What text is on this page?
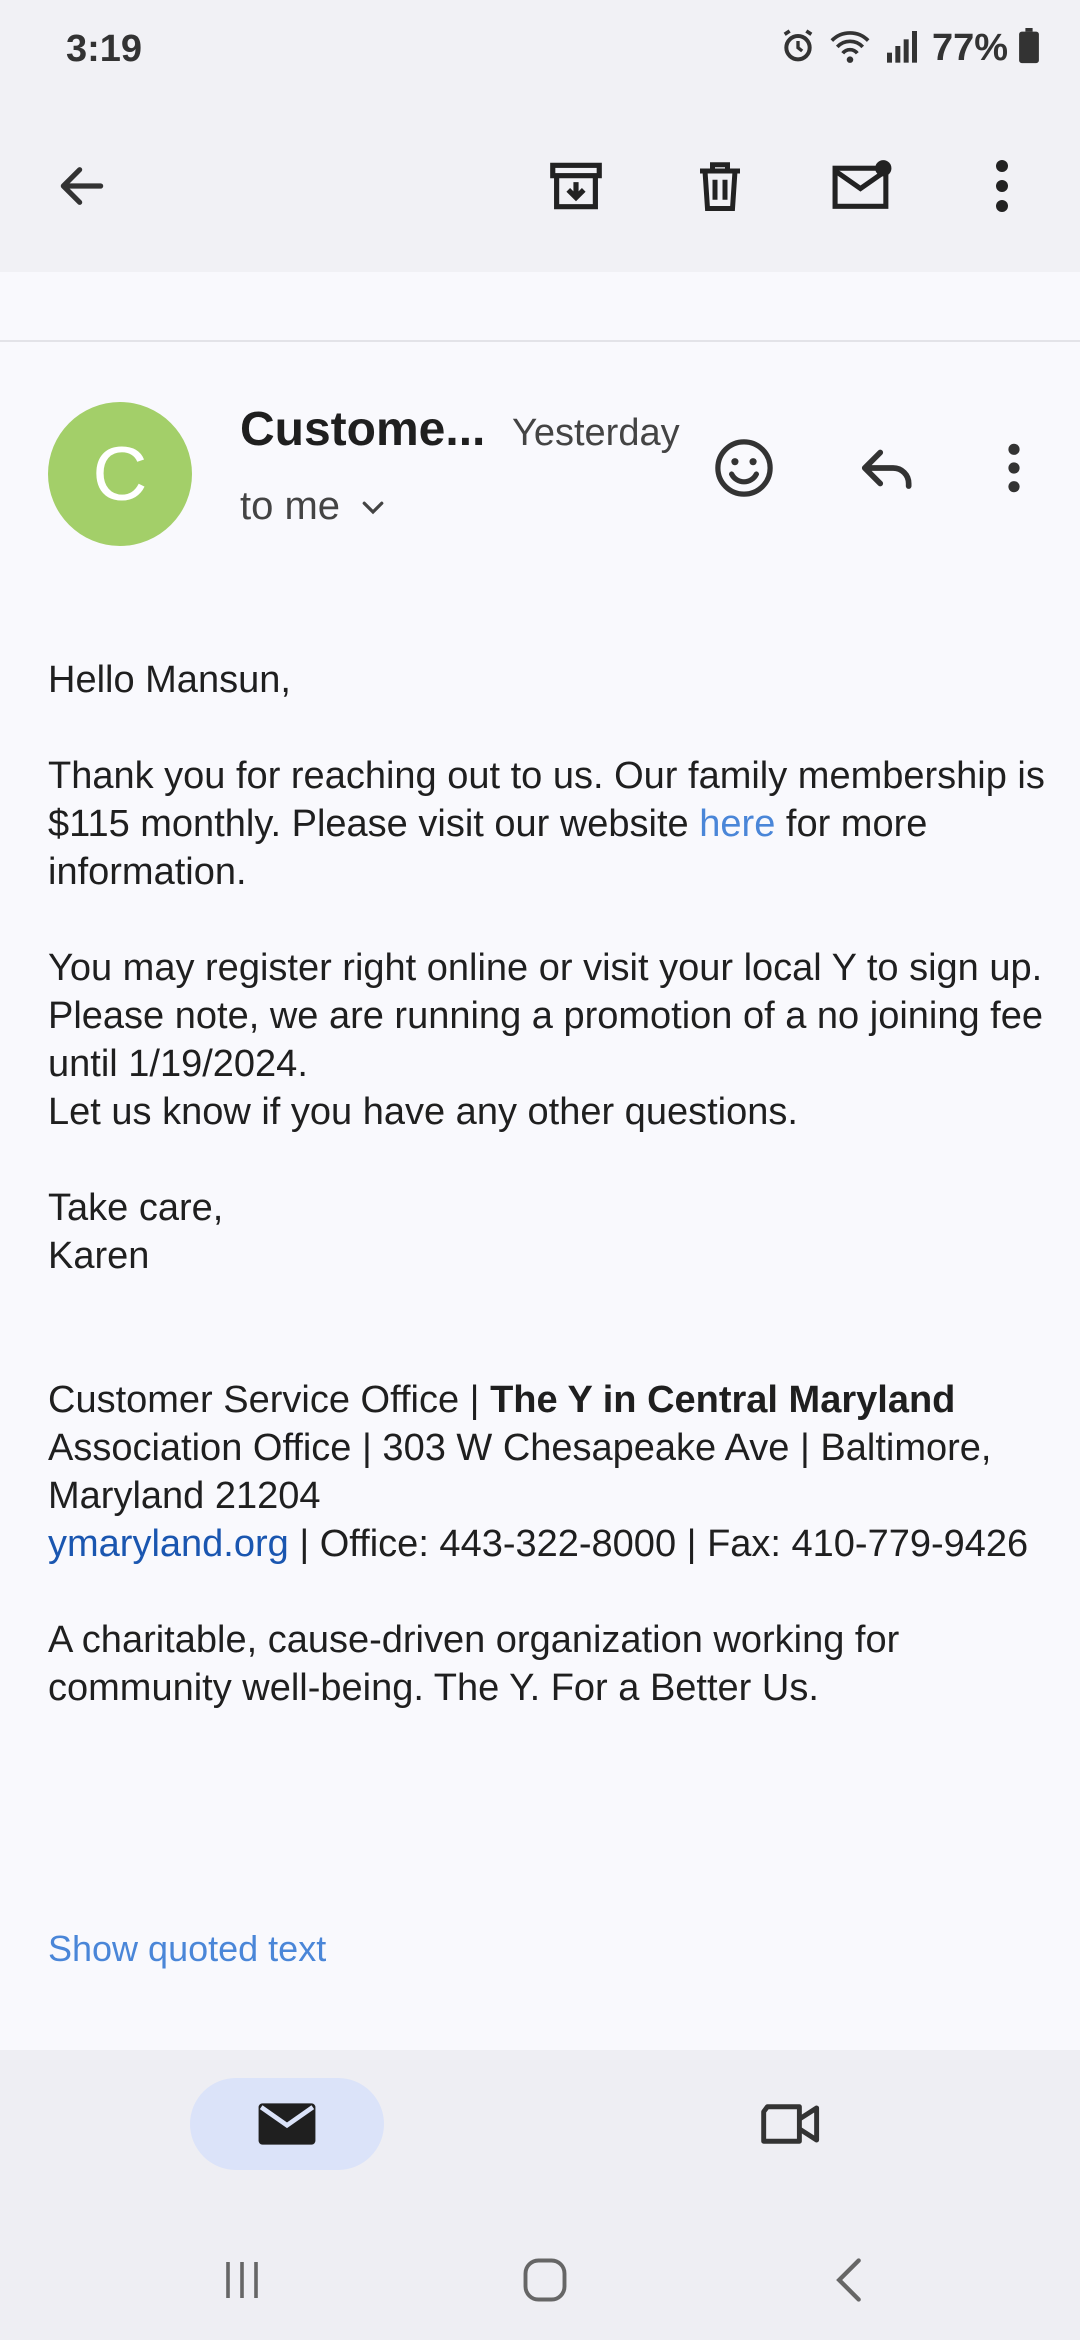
3:19	77%
C
Custome... Yesterday
to me

Hello Mansun,

Thank you for reaching out to us. Our family membership is $115 monthly. Please visit our website here for more information.

You may register right online or visit your local Y to sign up. Please note, we are running a promotion of a no joining fee until 1/19/2024.

Let us know if you have any other questions.

Take care,

Karen

Customer Service Office | The Y in Central Maryland

Association Office | 303 W Chesapeake Ave | Baltimore, Maryland 21204

ymaryland.org | Office: 443-322-8000 | Fax: 410-779-9426

A charitable, cause-driven organization working for community well-being. The Y. For a Better Us.

Show quoted text
